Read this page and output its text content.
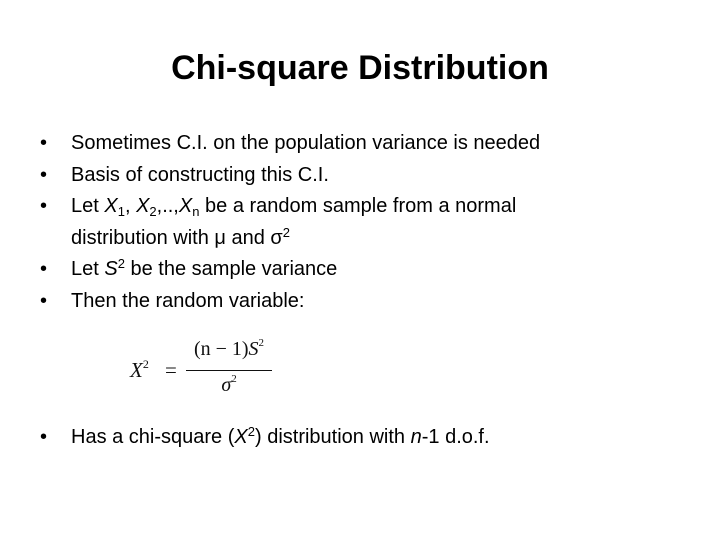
Chi-square Distribution
• Sometimes C.I. on the population variance is needed
• Basis of constructing this C.I.
• Let $X_1$, $X_2,..,X_n$ be a random sample from a normal
distribution with μ and $\sigma^2$
• Let $S^2$ be the sample variance
• Then the random variable:
$X^2$ =
$(n - 1)S^2$
$\sigma^2$
• Has a chi-square $(X^2)$ distribution with n-1 d.o.f.
